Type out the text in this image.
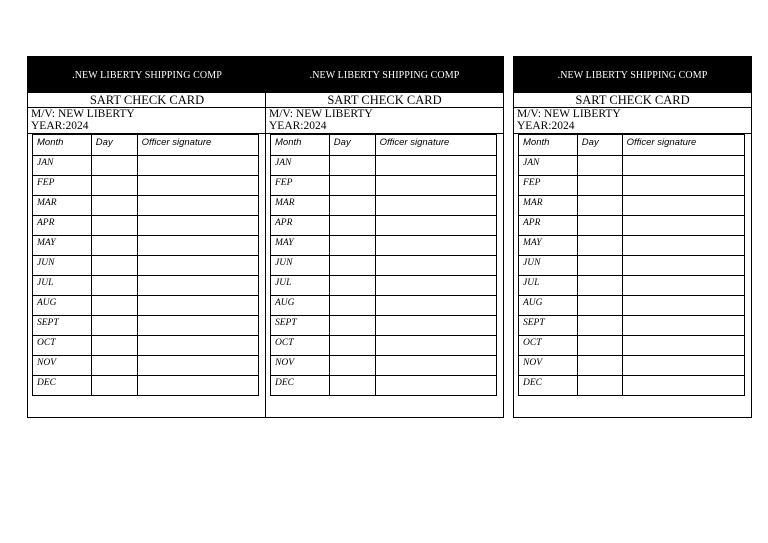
.NEW LIBERTY SHIPPING COMP
SART CHECK CARD
M/V: NEW LIBERTY
YEAR:2024
Month	Day	Officer signature
JAN		
FEP		
MAR		
APR		
MAY		
JUN		
JUL		
AUG		
SEPT		
OCT		
NOV		
DEC		
.NEW LIBERTY SHIPPING COMP
SART CHECK CARD
M/V: NEW LIBERTY
YEAR:2024
Month	Day	Officer signature
JAN		
FEP		
MAR		
APR		
MAY		
JUN		
JUL		
AUG		
SEPT		
OCT		
NOV		
DEC		
.NEW LIBERTY SHIPPING COMP
SART CHECK CARD
M/V: NEW LIBERTY
YEAR:2024
Month	Day	Officer signature
JAN		
FEP		
MAR		
APR		
MAY		
JUN		
JUL		
AUG		
SEPT		
OCT		
NOV		
DEC		
